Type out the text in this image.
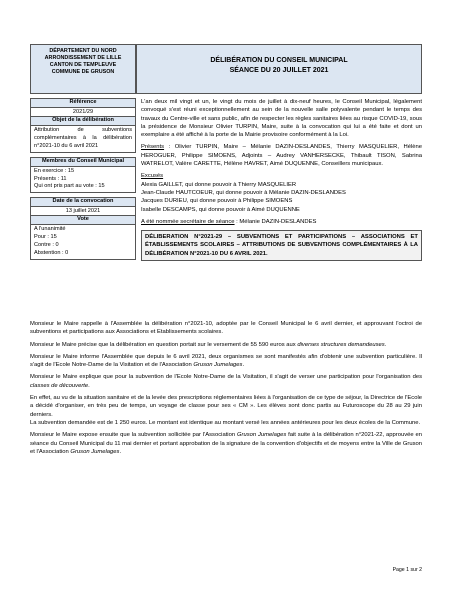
DÉPARTEMENT DU NORD
ARRONDISSEMENT DE LILLE
CANTON DE TEMPLEUVE
COMMUNE DE GRUSON
DÉLIBÉRATION DU CONSEIL MUNICIPAL
SÉANCE DU 20 JUILLET 2021
Référence
2021/29
Objet de la délibération
Attribution de subventions complémentaires à la délibération n°2021-10 du 6 avril 2021
Membres du Conseil Municipal
En exercice : 15
Présents : 11
Qui ont pris part au vote : 15
Date de la convocation
13 juillet 2021
Vote
A l'unanimité
Pour : 15
Contre : 0
Abstention : 0

L'an deux mil vingt et un, le vingt du mois de juillet à dix-neuf heures, le Conseil Municipal, légalement convoqué s'est réuni exceptionnellement au sein de la nouvelle salle polyvalente pendant le temps des travaux du Centre-ville et sans public, afin de respecter les règles sanitaires liées au risque COVID-19, sous la présidence de Monsieur Olivier TURPIN, Maire, suite à la convocation qui lui a été faite et dont un exemplaire a été affiché à la porte de la Mairie provisoire conformément à la Loi.

Présents : Olivier TURPIN, Maire – Mélanie DAZIN-DESLANDES, Thierry MASQUELIER, Hélène HEROGUER, Philippe SIMOENS, Adjoints – Audrey VANHERSECKE, Thibault TISON, Sabrina WATRELOT, Valère CARETTE, Hélène HAVRET, Aimé DUQUENNE, Conseillers municipaux.

Excusés
Alexia GAILLET, qui donne pouvoir à Thierry MASQUELIER
Jean-Claude HAUTCOEUR, qui donne pouvoir à Mélanie DAZIN-DESLANDES
Jacques DURIEU, qui donne pouvoir à Philippe SIMOENS
Isabelle DESCAMPS, qui donne pouvoir à Aimé DUQUENNE

A été nommée secrétaire de séance : Mélanie DAZIN-DESLANDES

DÉLIBERATION N°2021-29 – SUBVENTIONS ET PARTICIPATIONS – ASSOCIATIONS ET ÉTABLISSEMENTS SCOLAIRES – ATTRIBUTIONS DE SUBVENTIONS COMPLÉMENTAIRES À LA DÉLIBÉRATION N°2021-10 DU 6 AVRIL 2021.

Monsieur le Maire rappelle à l'Assemblée la délibération n°2021-10, adoptée par le Conseil Municipal le 6 avril dernier, et approuvant l'octroi de subventions et participations aux Associations et Etablissements scolaires.

Monsieur le Maire précise que la délibération en question portait sur le versement de 55 590 euros aux diverses structures demandeuses.

Monsieur le Maire informe l'Assemblée que depuis le 6 avril 2021, deux organismes se sont manifestés afin d'obtenir une subvention particulière. Il s'agit de l'Ecole Notre-Dame de la Visitation et de l'Association Gruson Jumelages.

Monsieur le Maire explique que pour la subvention de l'Ecole Notre-Dame de la Visitation, il s'agit de verser une participation pour l'organisation des classes de découverte.

En effet, au vu de la situation sanitaire et de la levée des prescriptions réglementaires liées à l'organisation de ce type de séjour, la Directrice de l'Ecole a décidé d'organiser, en très peu de temps, un voyage de classe pour ses « CM ». Les élèves sont donc partis au Futuroscope du 28 au 29 juin derniers.

La subvention demandée est de 1 250 euros. Le montant est identique au montant versé les années antérieures pour les deux écoles de la Commune.

Monsieur le Maire expose ensuite que la subvention sollicitée par l'Association Gruson Jumelages fait suite à la délibération n°2021-22, approuvée en séance du Conseil Municipal du 11 mai dernier et portant approbation de la signature de la convention d'objectifs et de moyens entre la Ville de Gruson et l'Association Gruson Jumelages.

Page 1 sur 2
